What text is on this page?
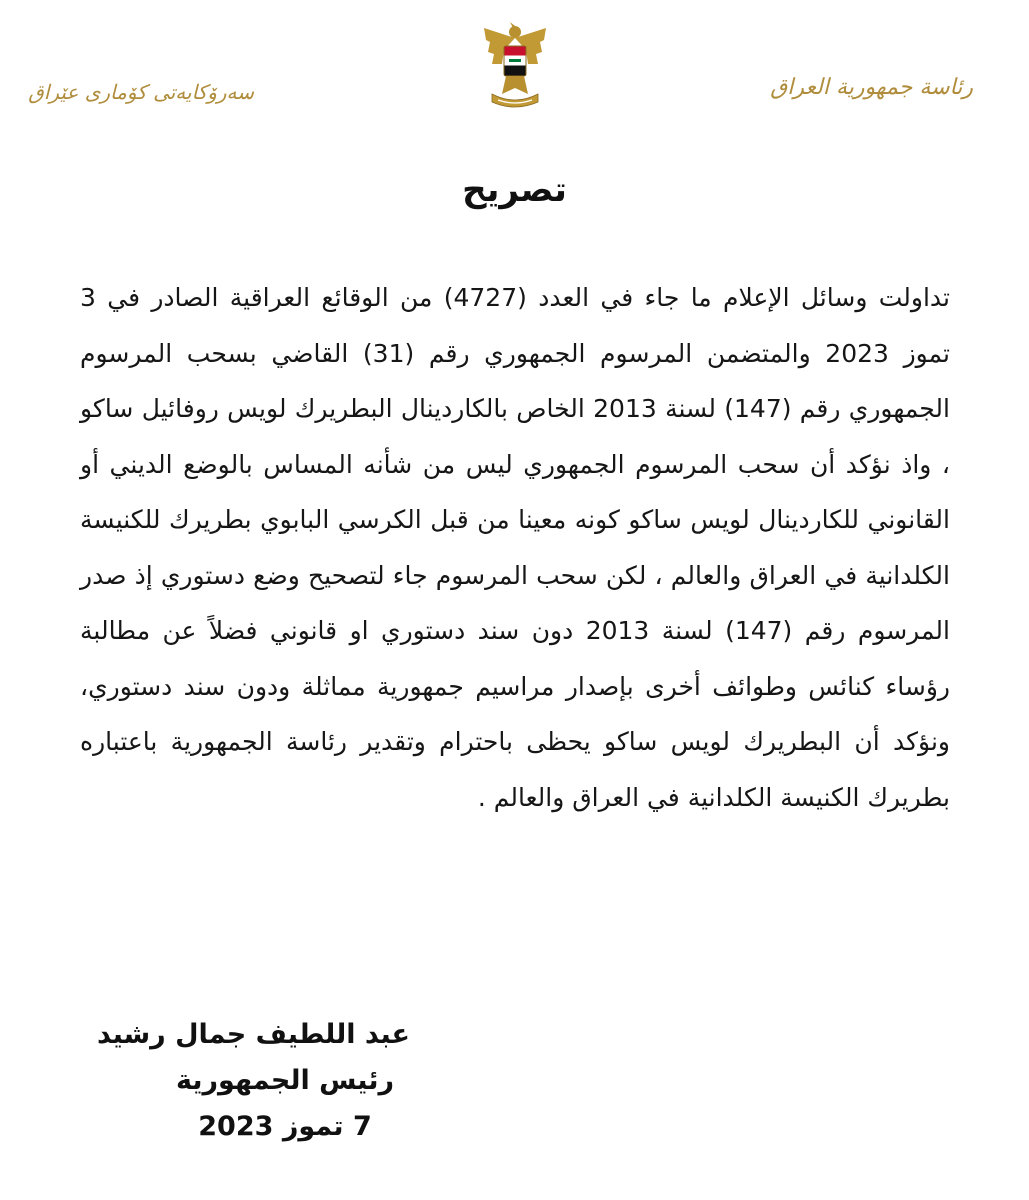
سەرۆکایەتی کۆماری عێراق	رئاسة جمهورية العراق
تصريح

تداولت وسائل الإعلام ما جاء في العدد (4727) من الوقائع العراقية الصادر في 3 تموز 2023 والمتضمن المرسوم الجمهوري رقم (31) القاضي بسحب المرسوم الجمهوري رقم (147) لسنة 2013 الخاص بالكاردينال البطريرك لويس روفائيل ساكو ، واذ نؤكد أن سحب المرسوم الجمهوري ليس من شأنه المساس بالوضع الديني أو القانوني للكاردينال لويس ساكو كونه معينا من قبل الكرسي البابوي بطريرك للكنيسة الكلدانية في العراق والعالم ، لكن سحب المرسوم جاء لتصحيح وضع دستوري إذ صدر المرسوم رقم (147) لسنة 2013 دون سند دستوري او قانوني فضلاً عن مطالبة رؤساء كنائس وطوائف أخرى بإصدار مراسيم جمهورية مماثلة ودون سند دستوري، ونؤكد أن البطريرك لويس ساكو يحظى باحترام وتقدير رئاسة الجمهورية باعتباره بطريرك الكنيسة الكلدانية في العراق والعالم .

عبد اللطيف جمال رشيد
رئيس الجمهورية
7 تموز 2023
